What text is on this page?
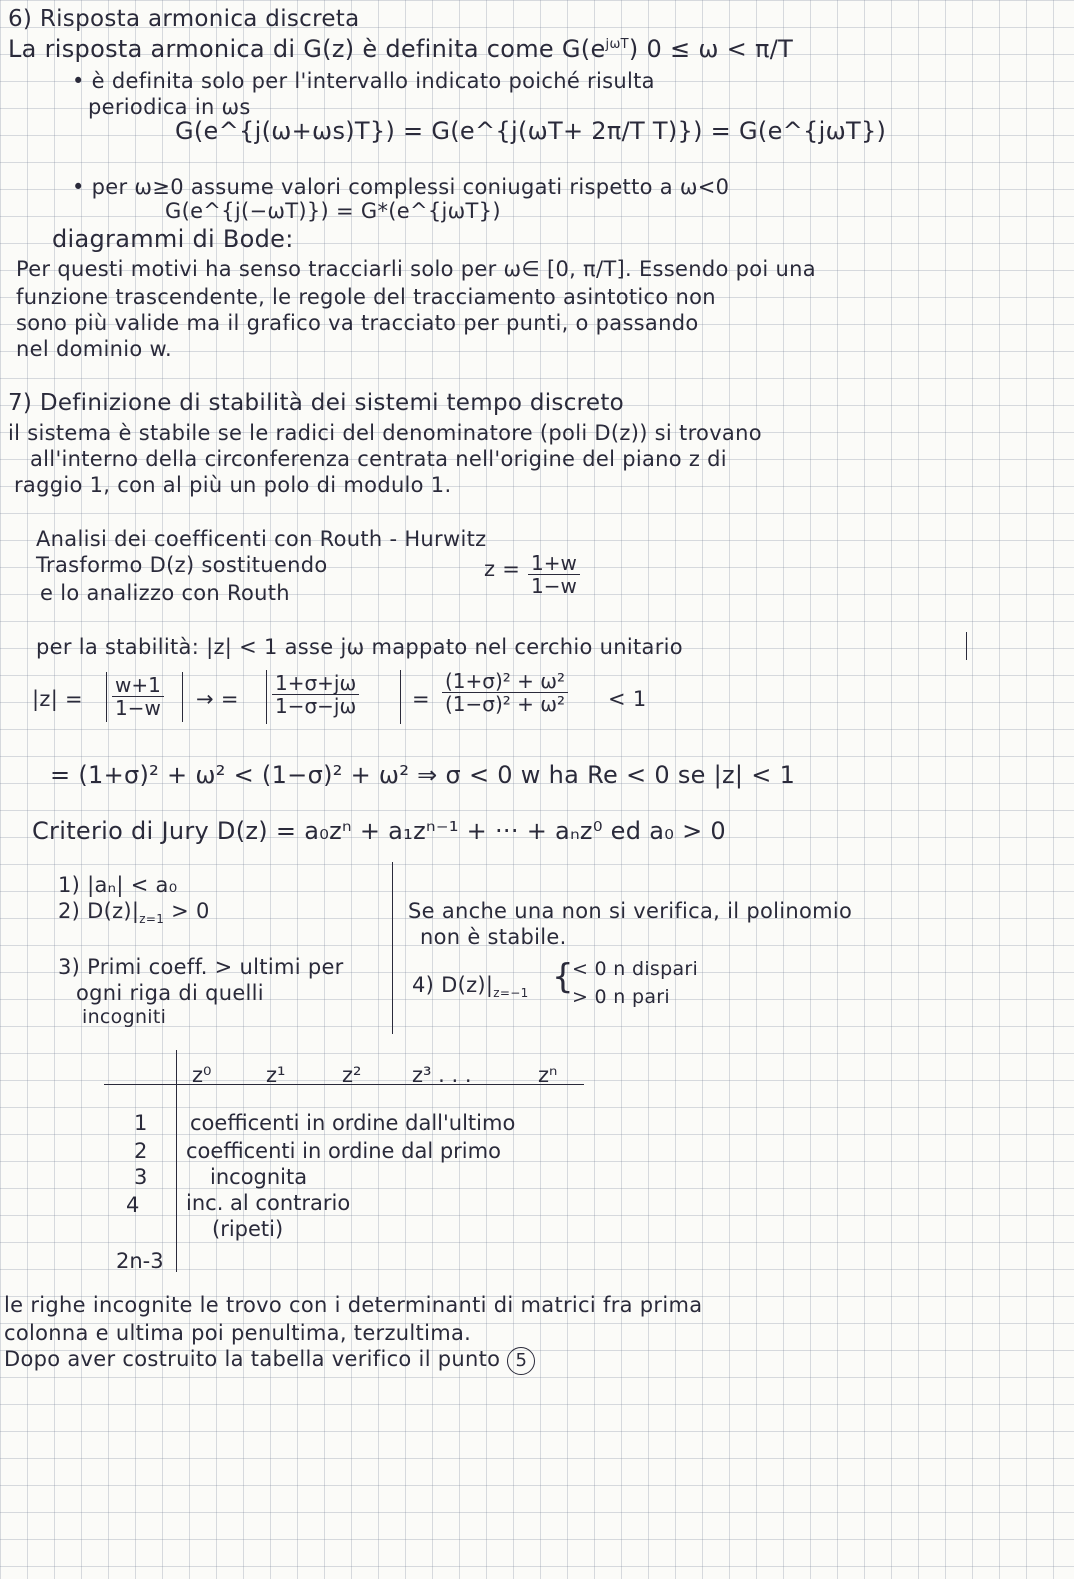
6) Risposta armonica discreta
La risposta armonica di G(z) è definita come $G(e^{j\omega T}) 0 \le \omega < \pi/T$
• è definita solo per l'intervallo indicato poiché risulta
periodica in ωs
G(e^{j(ω+ωs)T}) = G(e^{j(ωT+ 2π/T T)}) = G(e^{jωT})
• per ω≥0 assume valori complessi coniugati rispetto a ω<0
G(e^{j(−ωT)}) = G*(e^{jωT})
diagrammi di Bode:
Per questi motivi ha senso tracciarli solo per ω∈ [0, π/T]. Essendo poi una
funzione trascendente, le regole del tracciamento asintotico non
sono più valide ma il grafico va tracciato per punti, o passando
nel dominio w.
7) Definizione di stabilità dei sistemi tempo discreto
il sistema è stabile se le radici del denominatore (poli D(z)) si trovano
all'interno della circonferenza centrata nell'origine del piano z di
raggio 1, con al più un polo di modulo 1.
Analisi dei coefficenti con Routh - Hurwitz
Trasformo D(z) sostituendo
e lo analizzo con Routh
$z = \frac{1+w}{1-w}$
per la stabilità: |z| < 1 asse jω mappato nel cerchio unitario
$|z| = \frac{w+1}{1-w}$ → = $\frac{1+\sigma+j\omega}{1-\sigma-j\omega}$	= $\frac{\text{(1+σ)² + ω²}}{\text{(1−σ)² + ω²}} < 1$
= (1+σ)² + ω² < (1−σ)² + ω² ⇒ σ < 0 w ha Re < 0 se |z| < 1
Criterio di Jury D(z) = a₀zⁿ + a₁zⁿ⁻¹ + ··· + aₙz⁰ ed a₀ > 0
1) |aₙ| < a₀
2) $D(z)|_{z=1} > 0$
3) Primi coeff. > ultimi per
ogni riga di quelli
incogniti
Se anche una non si verifica, il polinomio
non è stabile.
4) $D(z)|_{z=-1}$
< 0 n dispari
> 0 n pari
{
z⁰	z¹	z² z³ . . .	zⁿ
1 coefficenti in ordine dall'ultimo
2 coefficenti in ordine dal primo
3	incognita
4 inc. al contrario
(ripeti)
2n-3
le righe incognite le trovo con i determinanti di matrici fra prima
colonna e ultima poi penultima, terzultima.
Dopo aver costruito la tabella verifico il punto 5
